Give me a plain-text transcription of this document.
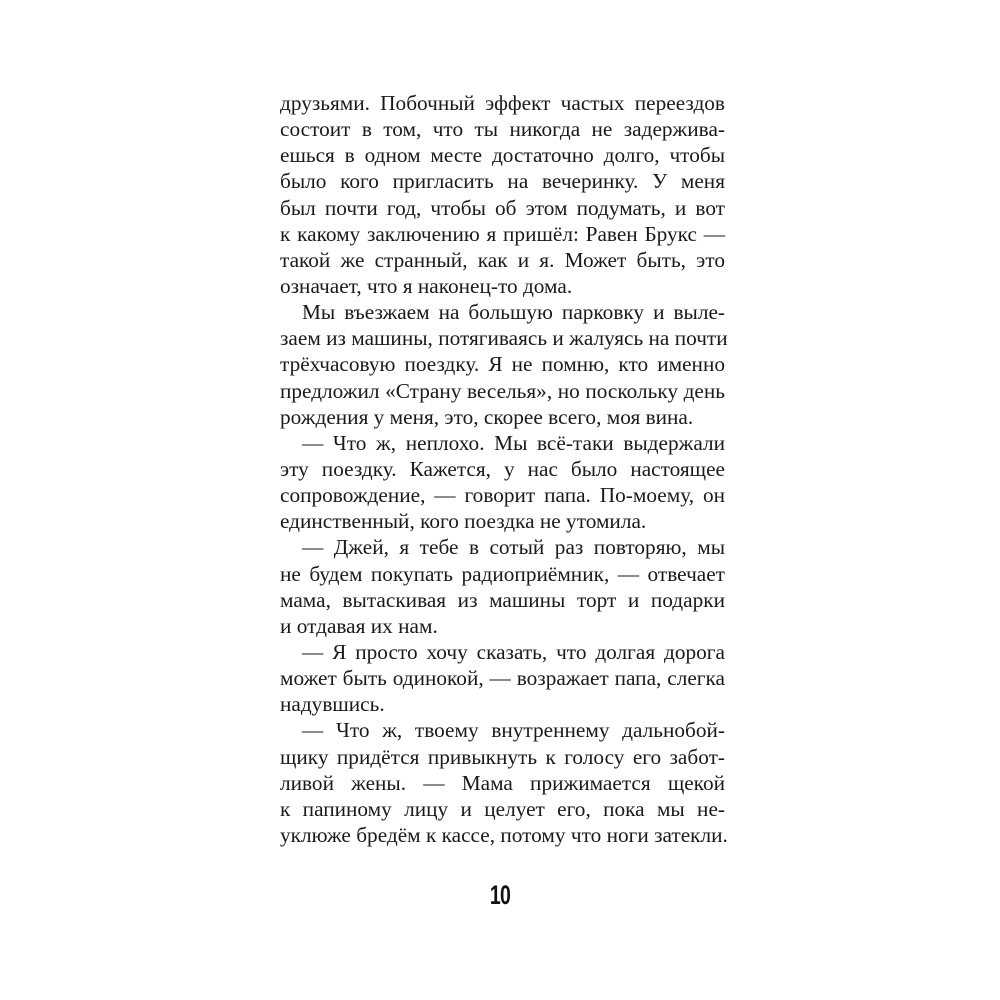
друзьями. Побочный эффект частых переездов
состоит в том, что ты никогда не задержива-
ешься в одном месте достаточно долго, чтобы
было кого пригласить на вечеринку. У меня
был почти год, чтобы об этом подумать, и вот
к какому заключению я пришёл: Равен Брукс —
такой же странный, как и я. Может быть, это
означает, что я наконец-то дома.
Мы въезжаем на большую парковку и выле-
заем из машины, потягиваясь и жалуясь на почти
трёхчасовую поездку. Я не помню, кто именно
предложил «Страну веселья», но поскольку день
рождения у меня, это, скорее всего, моя вина.
— Что ж, неплохо. Мы всё-таки выдержали
эту поездку. Кажется, у нас было настоящее
сопровождение, — говорит папа. По-моему, он
единственный, кого поездка не утомила.
— Джей, я тебе в сотый раз повторяю, мы
не будем покупать радиоприёмник, — отвечает
мама, вытаскивая из машины торт и подарки
и отдавая их нам.
— Я просто хочу сказать, что долгая дорога
может быть одинокой, — возражает папа, слегка
надувшись.
— Что ж, твоему внутреннему дальнобой-
щику придётся привыкнуть к голосу его забот-
ливой жены. — Мама прижимается щекой
к папиному лицу и целует его, пока мы не-
уклюже бредём к кассе, потому что ноги затекли.
10
